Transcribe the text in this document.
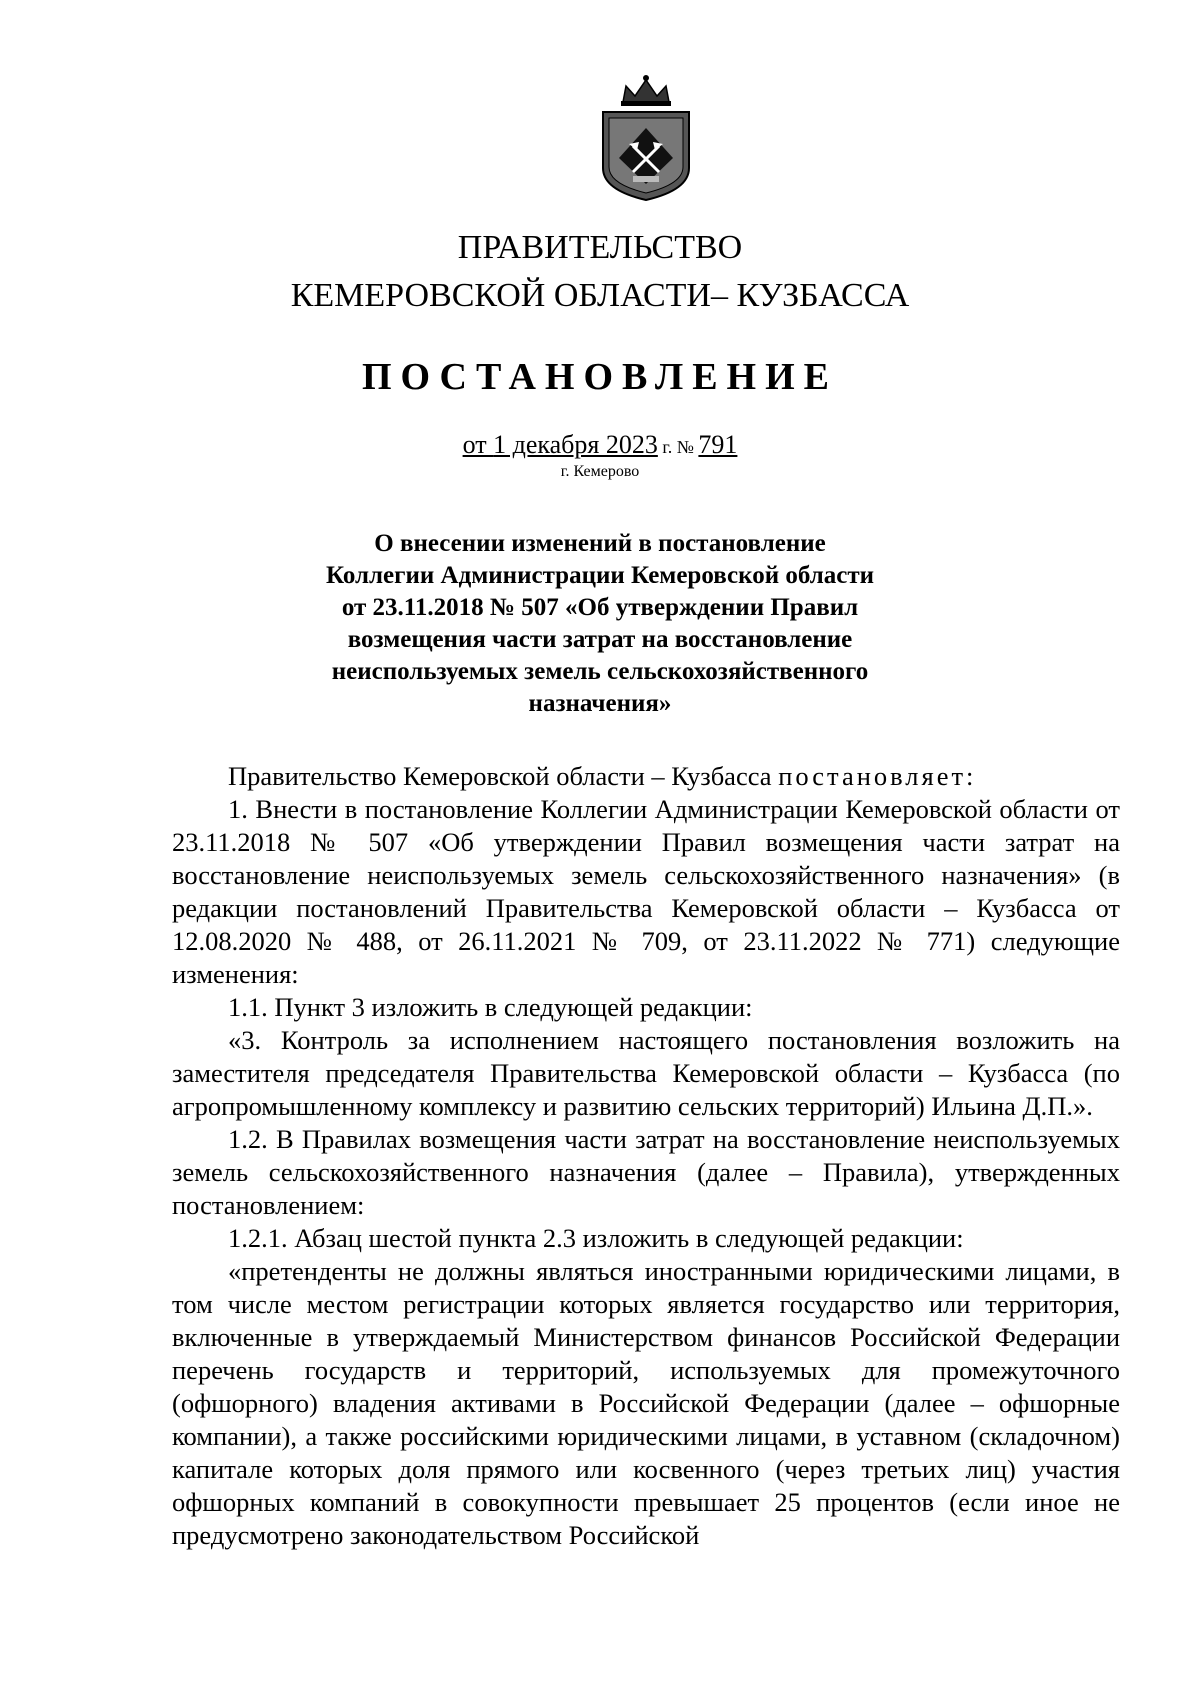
ПРАВИТЕЛЬСТВО
КЕМЕРОВСКОЙ ОБЛАСТИ– КУЗБАССА
ПОСТАНОВЛЕНИЕ
от 1 декабря 2023 г. № 791
г. Кемерово
О внесении изменений в постановление Коллегии Администрации Кемеровской области от 23.11.2018 № 507 «Об утверждении Правил возмещения части затрат на восстановление неиспользуемых земель сельскохозяйственного назначения»

Правительство Кемеровской области – Кузбасса постановляет:

1. Внести в постановление Коллегии Администрации Кемеровской области от 23.11.2018 № 507 «Об утверждении Правил возмещения части затрат на восстановление неиспользуемых земель сельскохозяйственного назначения» (в редакции постановлений Правительства Кемеровской области – Кузбасса от 12.08.2020 № 488, от 26.11.2021 № 709, от 23.11.2022 № 771) следующие изменения:

1.1. Пункт 3 изложить в следующей редакции:

«3. Контроль за исполнением настоящего постановления возложить на заместителя председателя Правительства Кемеровской области – Кузбасса (по агропромышленному комплексу и развитию сельских территорий) Ильина Д.П.».

1.2. В Правилах возмещения части затрат на восстановление неиспользуемых земель сельскохозяйственного назначения (далее – Правила), утвержденных постановлением:

1.2.1. Абзац шестой пункта 2.3 изложить в следующей редакции:

«претенденты не должны являться иностранными юридическими лицами, в том числе местом регистрации которых является государство или территория, включенные в утверждаемый Министерством финансов Российской Федерации перечень государств и территорий, используемых для промежуточного (офшорного) владения активами в Российской Федерации (далее – офшорные компании), а также российскими юридическими лицами, в уставном (складочном) капитале которых доля прямого или косвенного (через третьих лиц) участия офшорных компаний в совокупности превышает 25 процентов (если иное не предусмотрено законодательством Российской
